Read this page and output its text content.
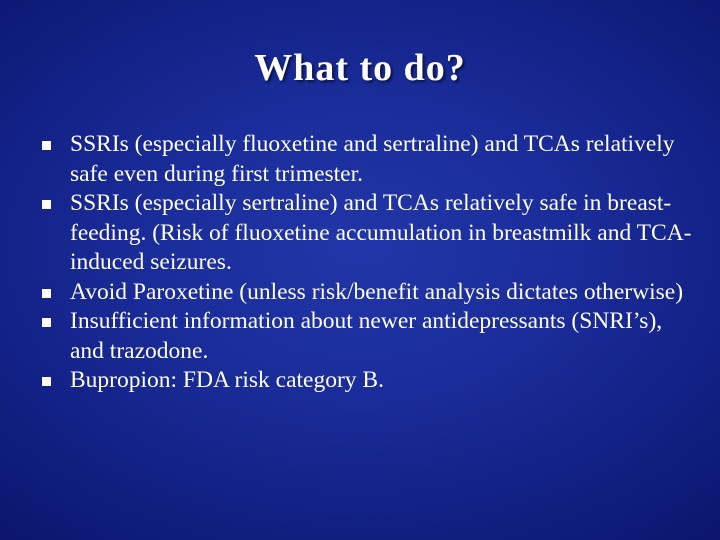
What to do?
SSRIs (especially fluoxetine and sertraline) and TCAs relatively safe even during first trimester.
SSRIs (especially sertraline) and TCAs relatively safe in breast-feeding. (Risk of fluoxetine accumulation in breastmilk and TCA-induced seizures.
Avoid Paroxetine (unless risk/benefit analysis dictates otherwise)
Insufficient information about newer antidepressants (SNRI’s), and trazodone.
Bupropion: FDA risk category B.
